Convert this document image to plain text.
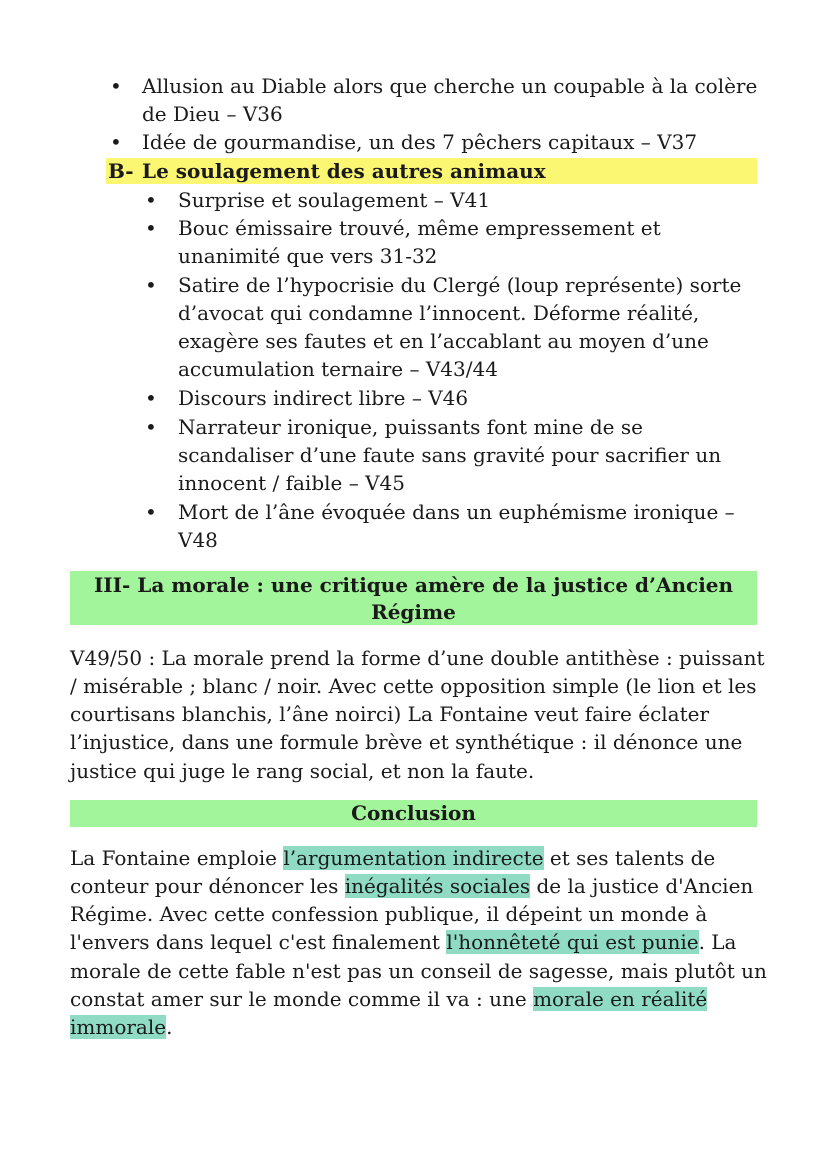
•
Allusion au Diable alors que cherche un coupable à la colère
de Dieu – V36
•
Idée de gourmandise, un des 7 pêchers capitaux – V37
B- Le soulagement des autres animaux
•
Surprise et soulagement – V41
•
Bouc émissaire trouvé, même empressement et
unanimité que vers 31-32
•
Satire de l’hypocrisie du Clergé (loup représente) sorte
d’avocat qui condamne l’innocent. Déforme réalité,
exagère ses fautes et en l’accablant au moyen d’une
accumulation ternaire – V43/44
•
Discours indirect libre – V46
•
Narrateur ironique, puissants font mine de se
scandaliser d’une faute sans gravité pour sacrifier un
innocent / faible – V45
•
Mort de l’âne évoquée dans un euphémisme ironique –
V48
III- La morale : une critique amère de la justice d’Ancien
Régime
V49/50 : La morale prend la forme d’une double antithèse : puissant
/ misérable ; blanc / noir. Avec cette opposition simple (le lion et les
courtisans blanchis, l’âne noirci) La Fontaine veut faire éclater
l’injustice, dans une formule brève et synthétique : il dénonce une
justice qui juge le rang social, et non la faute.
Conclusion
La Fontaine emploie l’argumentation indirecte et ses talents de
conteur pour dénoncer les inégalités sociales de la justice d'Ancien
Régime. Avec cette confession publique, il dépeint un monde à
l'envers dans lequel c'est finalement l'honnêteté qui est punie. La
morale de cette fable n'est pas un conseil de sagesse, mais plutôt un
constat amer sur le monde comme il va : une morale en réalité
immorale.
